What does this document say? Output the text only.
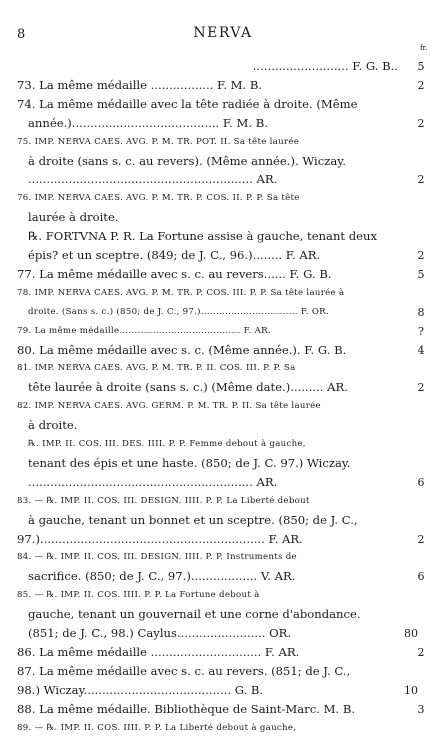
8	NERVA
fr.
.......................... F. G. B..	5
73. La même médaille ................. F. M. B.	2
74. La même médaille avec la tête radiée à droite. (Même
année.)........................................ F. M. B.	2
75. IMP. NERVA CAES. AVG. P. M. TR. POT. II. Sa tête laurée
à droite (sans s. c. au revers). (Même année.). Wiczay.
............................................................. AR.	2
76. IMP. NERVA CAES. AVG. P. M. TR. P. COS. II. P. P. Sa tête
laurée à droite.
℞. FORTVNA P. R. La Fortune assise à gauche, tenant deux
épis? et un sceptre. (849; de J. C., 96.)........ F. AR.	2
77. La même médaille avec s. c. au revers...... F. G. B.	5
78. IMP. NERVA CAES. AVG. P. M. TR. P. COS. III. P. P. Sa tête laurée à
droite. (Sans s. c.) (850; de J. C., 97.)................................ F. OR.	8
79. La même médaille........................................ F. AR.	?
80. La même médaille avec s. c. (Même année.). F. G. B.	4
81. IMP. NERVA CAES. AVG. P. M. TR. P. II. COS. III. P. P. Sa
tête laurée à droite (sans s. c.) (Même date.)......... AR.	2
82. IMP. NERVA CAES. AVG. GERM. P. M. TR. P. II. Sa tête laurée
à droite.
℞. IMP. II. COS. III. DES. IIII. P. P. Femme debout à gauche,
tenant des épis et une haste. (850; de J. C. 97.) Wiczay.
............................................................. AR.	6
83. — ℞. IMP. II. COS. III. DESIGN. IIII. P. P. La Liberté debout
à gauche, tenant un bonnet et un sceptre. (850; de J. C.,
97.)............................................................. F. AR.	2
84. — ℞. IMP. II. COS. III. DESIGN. IIII. P. P. Instruments de
sacrifice. (850; de J. C., 97.).................. V. AR.	6
85. — ℞. IMP. II. COS. IIII. P. P. La Fortune debout à
gauche, tenant un gouvernail et une corne d'abondance.
(851; de J. C., 98.) Caylus........................ OR.	80
86. La même médaille .............................. F. AR.	2
87. La même médaille avec s. c. au revers. (851; de J. C.,
98.) Wiczay........................................ G. B.	10
88. La même médaille. Bibliothèque de Saint-Marc. M. B.	3
89. — ℞. IMP. II. COS. IIII. P. P. La Liberté debout à gauche,
